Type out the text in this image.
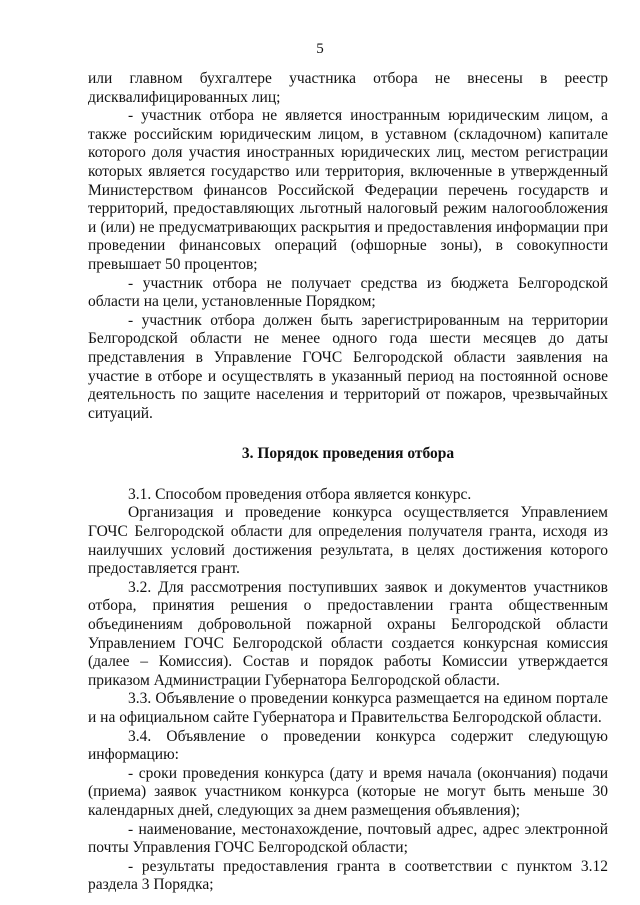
5

или главном бухгалтере участника отбора не внесены в реестр дисквалифицированных лиц;

- участник отбора не является иностранным юридическим лицом, а также российским юридическим лицом, в уставном (складочном) капитале которого доля участия иностранных юридических лиц, местом регистрации которых является государство или территория, включенные в утвержденный Министерством финансов Российской Федерации перечень государств и территорий, предоставляющих льготный налоговый режим налогообложения и (или) не предусматривающих раскрытия и предоставления информации при проведении финансовых операций (офшорные зоны), в совокупности превышает 50 процентов;

- участник отбора не получает средства из бюджета Белгородской области на цели, установленные Порядком;

- участник отбора должен быть зарегистрированным на территории Белгородской области не менее одного года шести месяцев до даты представления в Управление ГОЧС Белгородской области заявления на участие в отборе и осуществлять в указанный период на постоянной основе деятельность по защите населения и территорий от пожаров, чрезвычайных ситуаций.

3. Порядок проведения отбора

3.1. Способом проведения отбора является конкурс.

Организация и проведение конкурса осуществляется Управлением ГОЧС Белгородской области для определения получателя гранта, исходя из наилучших условий достижения результата, в целях достижения которого предоставляется грант.

3.2. Для рассмотрения поступивших заявок и документов участников отбора, принятия решения о предоставлении гранта общественным объединениям добровольной пожарной охраны Белгородской области Управлением ГОЧС Белгородской области создается конкурсная комиссия (далее – Комиссия). Состав и порядок работы Комиссии утверждается приказом Администрации Губернатора Белгородской области.

3.3. Объявление о проведении конкурса размещается на едином портале и на официальном сайте Губернатора и Правительства Белгородской области.

3.4. Объявление о проведении конкурса содержит следующую информацию:

- сроки проведения конкурса (дату и время начала (окончания) подачи (приема) заявок участником конкурса (которые не могут быть меньше 30 календарных дней, следующих за днем размещения объявления);

- наименование, местонахождение, почтовый адрес, адрес электронной почты Управления ГОЧС Белгородской области;

- результаты предоставления гранта в соответствии с пунктом 3.12 раздела 3 Порядка;
